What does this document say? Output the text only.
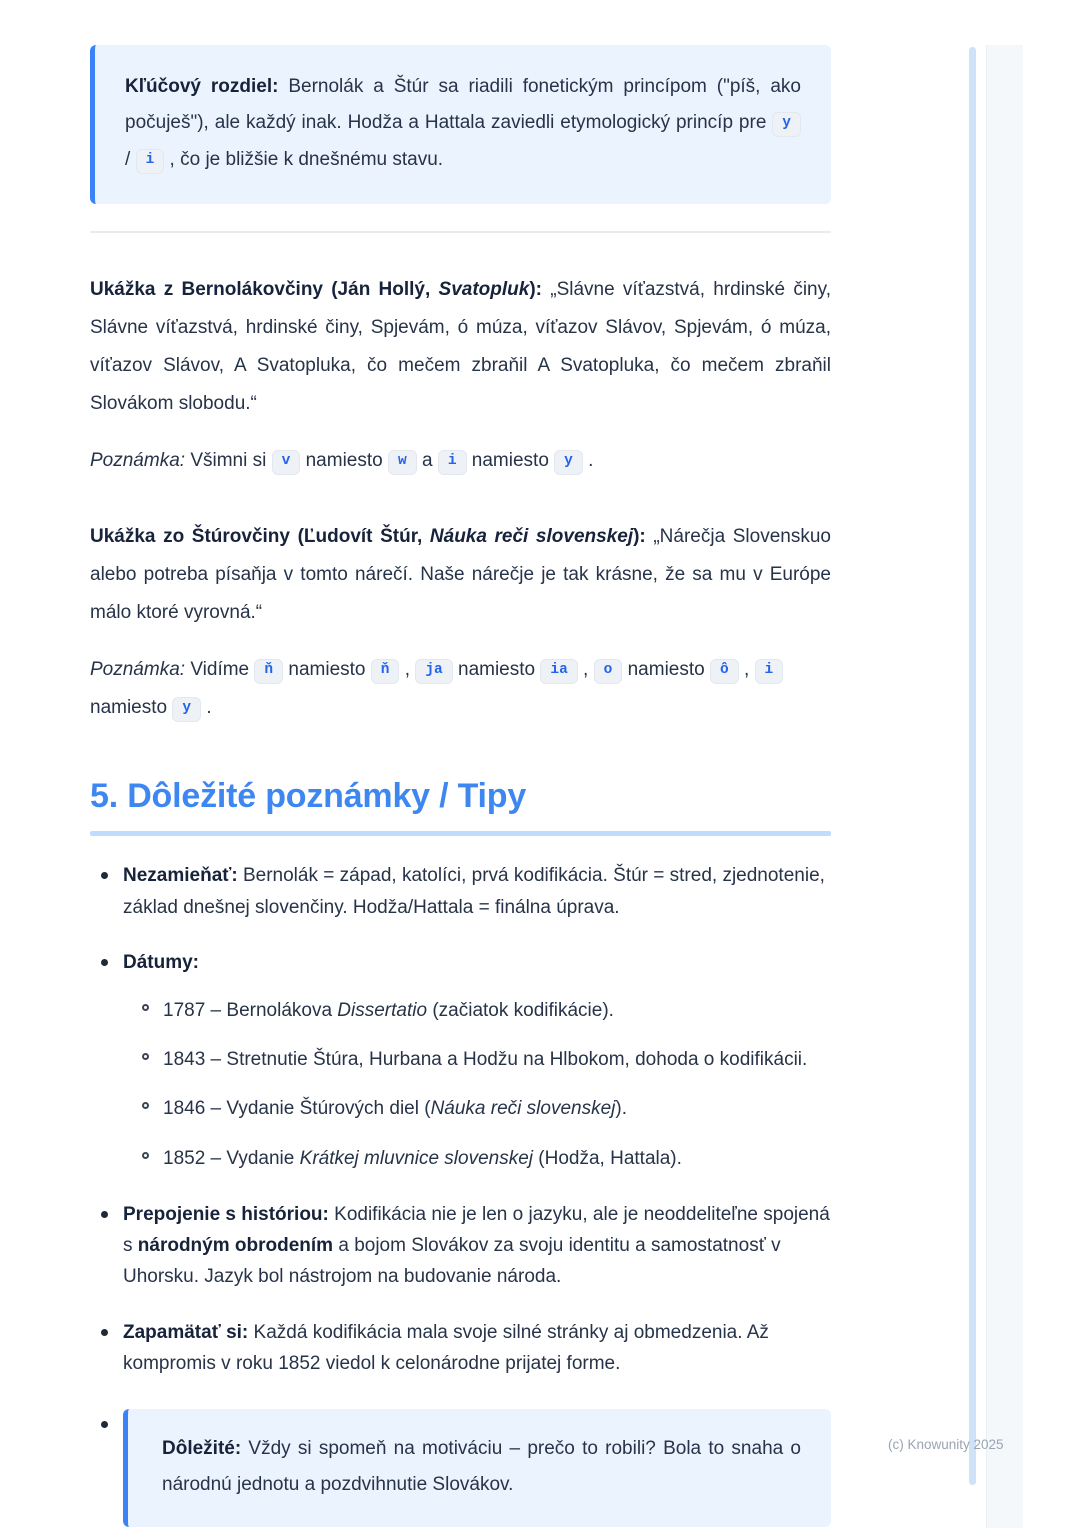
Kľúčový rozdiel: Bernolák a Štúr sa riadili fonetickým princípom ("píš, ako počuješ"), ale každý inak. Hodža a Hattala zaviedli etymologický princíp pre y / i , čo je bližšie k dnešnému stavu.

Ukážka z Bernolákovčiny (Ján Hollý, Svatopluk): „Slávne víťazstvá, hrdinské činy, Slávne víťazstvá, hrdinské činy, Spjevám, ó múza, víťazov Slávov, Spjevám, ó múza, víťazov Slávov, A Svatopluka, čo mečem zbraňil A Svatopluka, čo mečem zbraňil Slovákom slobodu.“

Poznámka: Všimni si v namiesto w a i namiesto y .

Ukážka zo Štúrovčiny (Ľudovít Štúr, Náuka reči slovenskej): „Nárečja Slovenskuo alebo potreba písaňja v tomto nárečí. Naše nárečje je tak krásne, že sa mu v Európe málo ktoré vyrovná.“

Poznámka: Vidíme ň namiesto ň , ja namiesto ia , o namiesto ô , i namiesto y .

5. Dôležité poznámky / Tipy
Nezamieňať: Bernolák = západ, katolíci, prvá kodifikácia. Štúr = stred, zjednotenie, základ dnešnej slovenčiny. Hodža/Hattala = finálna úprava.
Dátumy:
1787 – Bernolákova Dissertatio (začiatok kodifikácie).
1843 – Stretnutie Štúra, Hurbana a Hodžu na Hlbokom, dohoda o kodifikácii.
1846 – Vydanie Štúrových diel (Náuka reči slovenskej).
1852 – Vydanie Krátkej mluvnice slovenskej (Hodža, Hattala).
Prepojenie s históriou: Kodifikácia nie je len o jazyku, ale je neoddeliteľne spojená s národným obrodením a bojom Slovákov za svoju identitu a samostatnosť v Uhorsku. Jazyk bol nástrojom na budovanie národa.
Zapamätať si: Každá kodifikácia mala svoje silné stránky aj obmedzenia. Až kompromis v roku 1852 viedol k celonárodne prijatej forme.
Dôležité: Vždy si spomeň na motiváciu – prečo to robili? Bola to snaha o národnú jednotu a pozdvihnutie Slovákov.
(c) Knowunity 2025
